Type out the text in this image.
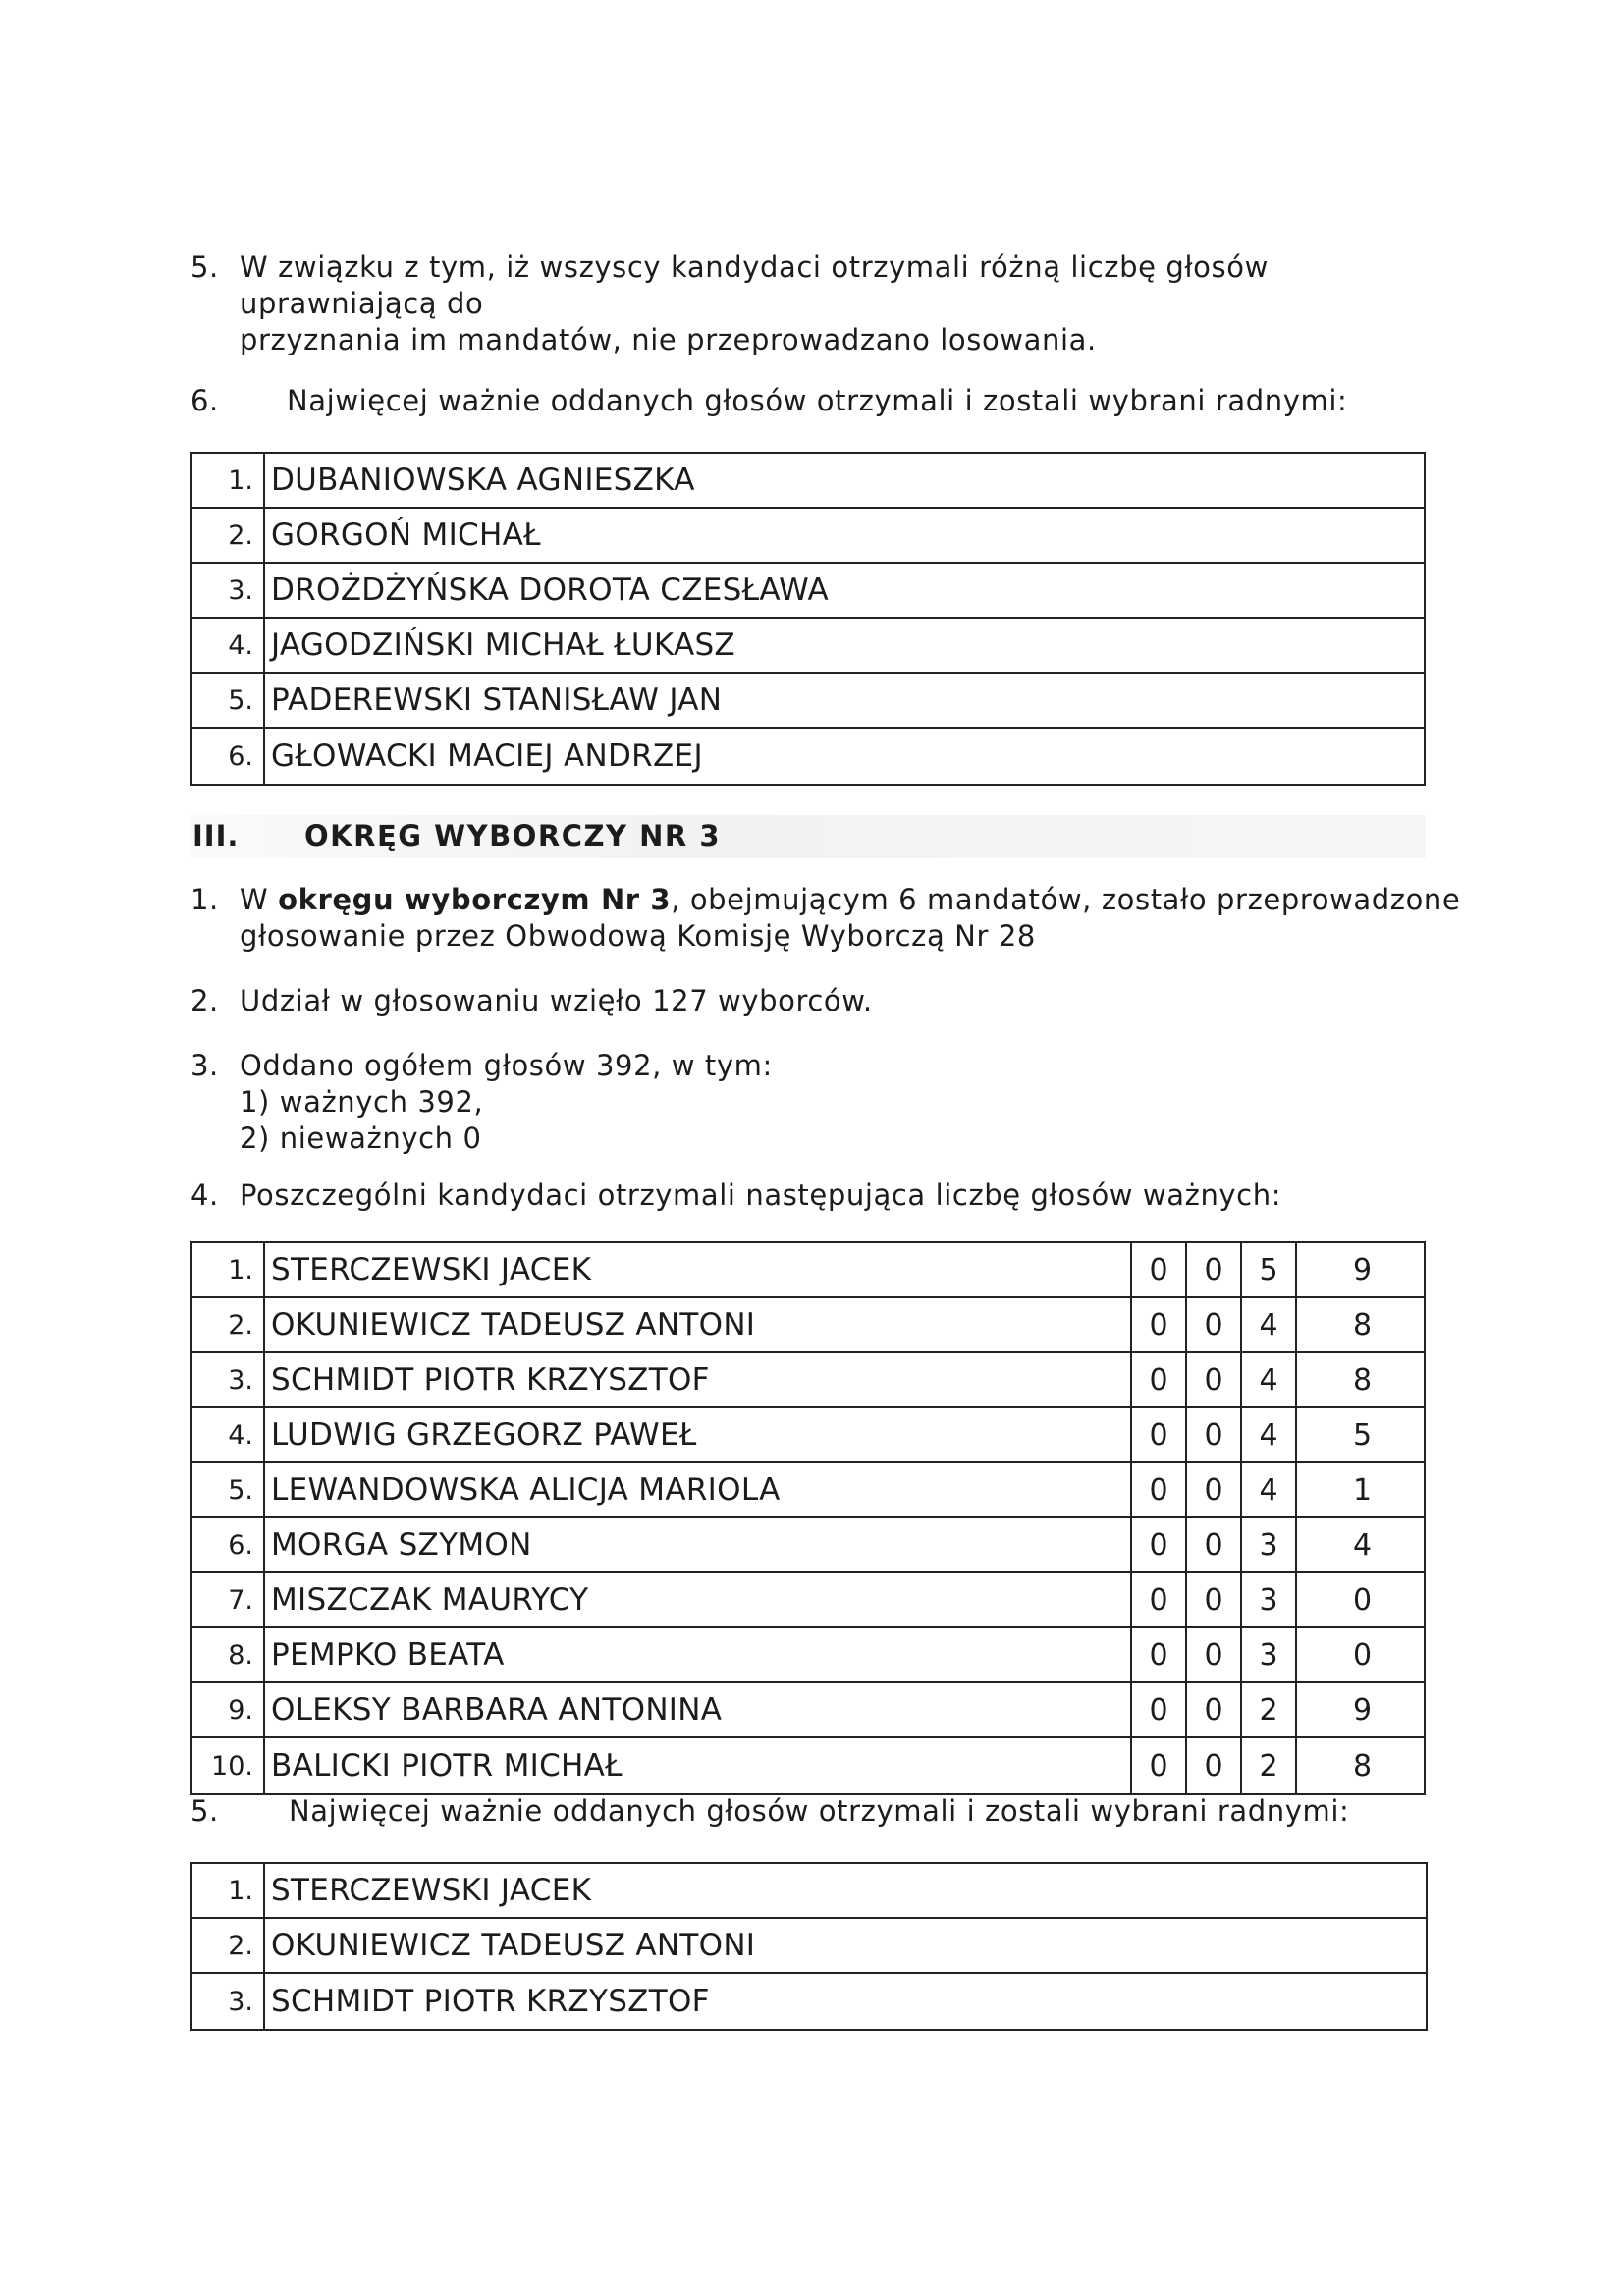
5. W związku z tym, iż wszyscy kandydaci otrzymali różną liczbę głosów uprawniającą do
przyznania im mandatów, nie przeprowadzano losowania.
6. Najwięcej ważnie oddanych głosów otrzymali i zostali wybrani radnymi:
1. DUBANIOWSKA AGNIESZKA
2. GORGOŃ MICHAŁ
3. DROŻDŻYŃSKA DOROTA CZESŁAWA
4. JAGODZIŃSKI MICHAŁ ŁUKASZ
5. PADEREWSKI STANISŁAW JAN
6. GŁOWACKI MACIEJ ANDRZEJ
III. OKRĘG WYBORCZY NR 3
1. W okręgu wyborczym Nr 3, obejmującym 6 mandatów, zostało przeprowadzone
głosowanie przez Obwodową Komisję Wyborczą Nr 28
2. Udział w głosowaniu wzięło 127 wyborców.
3. Oddano ogółem głosów 392, w tym:
1) ważnych 392,
2) nieważnych 0
4. Poszczególni kandydaci otrzymali następująca liczbę głosów ważnych:
1. STERCZEWSKI JACEK	0	0	5	9
2. OKUNIEWICZ TADEUSZ ANTONI	0	0	4	8
3. SCHMIDT PIOTR KRZYSZTOF	0	0	4	8
4. LUDWIG GRZEGORZ PAWEŁ	0	0	4	5
5. LEWANDOWSKA ALICJA MARIOLA	0	0	4	1
6. MORGA SZYMON	0	0	3	4
7. MISZCZAK MAURYCY	0	0	3	0
8. PEMPKO BEATA	0	0	3	0
9. OLEKSY BARBARA ANTONINA	0	0	2	9
10. BALICKI PIOTR MICHAŁ	0	0	2	8
5. Najwięcej ważnie oddanych głosów otrzymali i zostali wybrani radnymi:
1. STERCZEWSKI JACEK
2. OKUNIEWICZ TADEUSZ ANTONI
3. SCHMIDT PIOTR KRZYSZTOF
